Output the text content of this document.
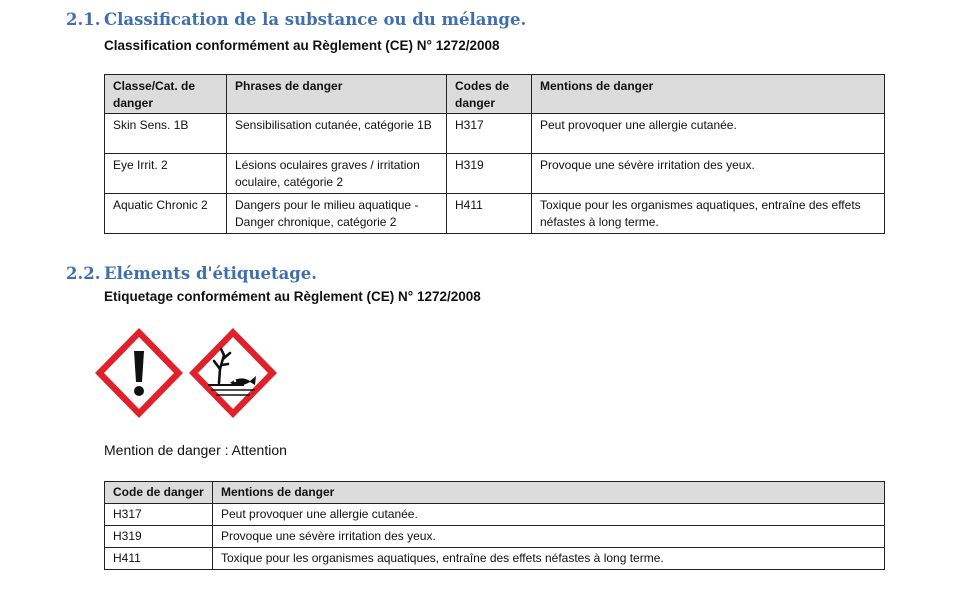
2.1. Classification de la substance ou du mélange.
Classification conformément au Règlement (CE) N° 1272/2008
Classe/Cat. de danger	Phrases de danger	Codes de danger	Mentions de danger
Skin Sens. 1B	Sensibilisation cutanée, catégorie 1B	H317	Peut provoquer une allergie cutanée.
Eye Irrit. 2	Lésions oculaires graves / irritation oculaire, catégorie 2	H319	Provoque une sévère irritation des yeux.
Aquatic Chronic 2	Dangers pour le milieu aquatique - Danger chronique, catégorie 2	H411	Toxique pour les organismes aquatiques, entraîne des effets néfastes à long terme.
2.2. Eléments d'étiquetage.
Etiquetage conformément au Règlement (CE) N° 1272/2008
Mention de danger : Attention
Code de danger	Mentions de danger
H317	Peut provoquer une allergie cutanée.
H319	Provoque une sévère irritation des yeux.
H411	Toxique pour les organismes aquatiques, entraîne des effets néfastes à long terme.
